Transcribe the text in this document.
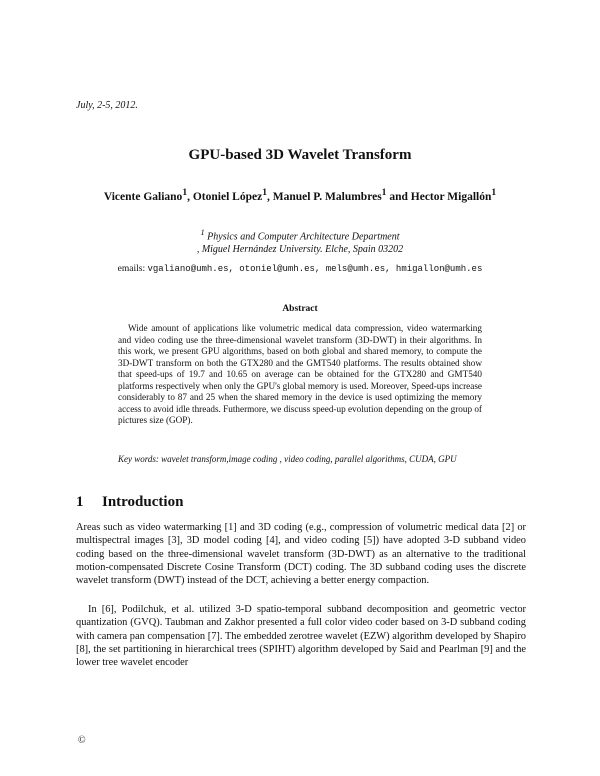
July, 2-5, 2012.
GPU-based 3D Wavelet Transform
Vicente Galiano$^1$, Otoniel López$^1$, Manuel P. Malumbres$^1$ and Hector Migallón$^1$
$^1$ Physics and Computer Architecture Department
, Miguel Hernández University. Elche, Spain 03202
emails: vgaliano@umh.es, otoniel@umh.es, mels@umh.es, hmigallon@umh.es
Abstract
Wide amount of applications like volumetric medical data compression, video watermarking and video coding use the three-dimensional wavelet transform (3D-DWT) in their algorithms. In this work, we present GPU algorithms, based on both global and shared memory, to compute the 3D-DWT transform on both the GTX280 and the GMT540 platforms. The results obtained show that speed-ups of 19.7 and 10.65 on average can be obtained for the GTX280 and GMT540 platforms respectively when only the GPU's global memory is used. Moreover, Speed-ups increase considerably to 87 and 25 when the shared memory in the device is used optimizing the memory access to avoid idle threads. Futhermore, we discuss speed-up evolution depending on the group of pictures size (GOP).
Key words: wavelet transform,image coding , video coding, parallel algorithms, CUDA, GPU
1 Introduction
Areas such as video watermarking [1] and 3D coding (e.g., compression of volumetric medical data [2] or multispectral images [3], 3D model coding [4], and video coding [5]) have adopted 3-D subband video coding based on the three-dimensional wavelet transform (3D-DWT) as an alternative to the traditional motion-compensated Discrete Cosine Transform (DCT) coding. The 3D subband coding uses the discrete wavelet transform (DWT) instead of the DCT, achieving a better energy compaction.
In [6], Podilchuk, et al. utilized 3-D spatio-temporal subband decomposition and geometric vector quantization (GVQ). Taubman and Zakhor presented a full color video coder based on 3-D subband coding with camera pan compensation [7]. The embedded zerotree wavelet (EZW) algorithm developed by Shapiro [8], the set partitioning in hierarchical trees (SPIHT) algorithm developed by Said and Pearlman [9] and the lower tree wavelet encoder
©
